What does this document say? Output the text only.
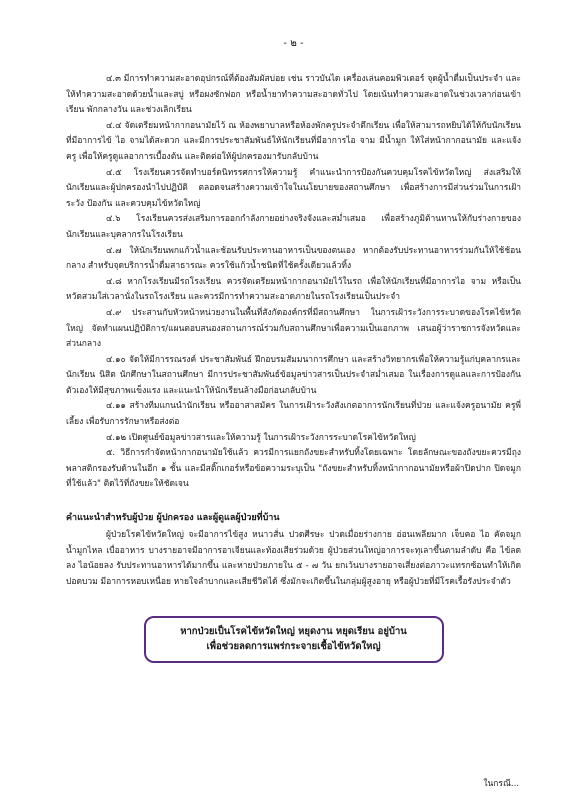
- ๒ -

๔.๓ มีการทำความสะอาดอุปกรณ์ที่ต้องสัมผัสบ่อย เช่น ราวบันได เครื่องเล่นคอมพิวเตอร์ จุดผู้น้ำดื่มเป็นประจำ และให้ทำความสะอาดด้วยน้ำและสบู่ หรือผงซักฟอก หรือน้ำยาทำความสะอาดทั่วไป โดยเน้นทำความสะอาดในช่วงเวลาก่อนเข้าเรียน พักกลางวัน และช่วงเลิกเรียน

๔.๔ จัดเตรียมหน้ากากอนามัยไว้ ณ ห้องพยาบาลหรือห้องพักครูประจำตึกเรียน เพื่อให้สามารถหยิบได้ให้กับนักเรียนที่มีอาการไข้ ไอ จามได้สะดวก และมีการประชาสัมพันธ์ให้นักเรียนที่มีอาการไอ จาม มีน้ำมูก ให้ใส่หน้ากากอนามัย และแจ้งครู เพื่อให้ครูดูแลอาการเบื้องต้น และติดต่อให้ผู้ปกครองมารับกลับบ้าน

๔.๕ โรงเรียนควรจัดทำบอร์ดนิทรรศการให้ความรู้ คำแนะนำการป้องกันควบคุมโรคไข้หวัดใหญ่ ส่งเสริมให้นักเรียนและผู้ปกครองนำไปปฏิบัติ ตลอดจนสร้างความเข้าใจในนโยบายของสถานศึกษา เพื่อสร้างการมีส่วนร่วมในการเฝ้าระวัง ป้องกัน และควบคุมไข้หวัดใหญ่

๔.๖ โรงเรียนควรส่งเสริมการออกกำลังกายอย่างจริงจังและสม่ำเสมอ เพื่อสร้างภูมิต้านทานให้กับร่างกายของนักเรียนและบุคลากรในโรงเรียน

๔.๗ ให้นักเรียนพกแก้วน้ำและช้อนรับประทานอาหารเป็นของตนเอง หากต้องรับประทานอาหารร่วมกันให้ใช้ช้อนกลาง สำหรับจุดบริการน้ำดื่มสาธารณะ ควรใช้แก้วน้ำชนิดที่ใช้ครั้งเดียวแล้วทิ้ง

๔.๘ หากโรงเรียนมีรถโรงเรียน ควรจัดเตรียมหน้ากากอนามัยไว้ในรถ เพื่อให้นักเรียนที่มีอาการไอ จาม หรือเป็นหวัดสวมใส่เวลานั่งในรถโรงเรียน และควรมีการทำความสะอาดภายในรถโรงเรียนเป็นประจำ

๔.๙ ประสานกับหัวหน้าหน่วยงานในพื้นที่สังกัดองค์กรที่มีสถานศึกษา ในการเฝ้าระวังการระบาดของโรคไข้หวัดใหญ่ จัดทำแผนปฏิบัติการ/แผนตอบสนองสถานการณ์ร่วมกับสถานศึกษาเพื่อความเป็นเอกภาพ เสนอผู้ว่าราชการจังหวัดและส่วนกลาง

๔.๑๐ จัดให้มีการรณรงค์ ประชาสัมพันธ์ ฝึกอบรมสัมมนาการศึกษา และสร้างวิทยากรเพื่อให้ความรู้แก่บุคลากรและนักเรียน นิสิต นักศึกษาในสถานศึกษา มีการประชาสัมพันธ์ข้อมูลข่าวสารเป็นประจำสม่ำเสมอ ในเรื่องการดูแลและการป้องกันตัวเองให้มีสุขภาพแข็งแรง และแนะนำให้นักเรียนล้างมือก่อนกลับบ้าน

๔.๑๑ สร้างทีมแกนนำนักเรียน หรืออาสาสมัคร ในการเฝ้าระวังสังเกตอาการนักเรียนที่ป่วย และแจ้งครูอนามัย ครูพี่เลี้ยง เพื่อรับการรักษาหรือส่งต่อ

๔.๑๒ เปิดศูนย์ข้อมูลข่าวสารและให้ความรู้ ในการเฝ้าระวังการระบาดโรคไข้หวัดใหญ่

๕. วิธีการกำจัดหน้ากากอนามัยใช้แล้ว ควรมีการแยกถังขยะสำหรับทิ้งโดยเฉพาะ โดยลักษณะของถังขยะควรมีถุงพลาสติกรองรับด้านในอีก ๑ ชั้น และมีสติ๊กเกอร์หรือข้อความระบุเป็น "ถังขยะสำหรับทิ้งหน้ากากอนามัยหรือผ้าปิดปาก ปิดจมูก ที่ใช้แล้ว" ติดไว้ที่ถังขยะให้ชัดเจน

คำแนะนำสำหรับผู้ป่วย ผู้ปกครอง และผู้ดูแลผู้ป่วยที่บ้าน

ผู้ป่วยโรคไข้หวัดใหญ่ จะมีอาการไข้สูง หนาวสั่น ปวดศีรษะ ปวดเมื่อยร่างกาย อ่อนเพลียมาก เจ็บคอ ไอ คัดจมูก น้ำมูกไหล เบื่ออาหาร บางรายอาจมีอาการอาเจียนและท้องเสียร่วมด้วย ผู้ป่วยส่วนใหญ่อาการจะทุเลาขึ้นตามลำดับ คือ ไข้ลดลง ไอน้อยลง รับประทานอาหารได้มากขึ้น และหายป่วยภายใน ๕ - ๗ วัน ยกเว้นบางรายอาจเสี่ยงต่อภาวะแทรกซ้อนทำให้เกิดปอดบวม มีอาการหอบเหนื่อย หายใจลำบากและเสียชีวิตได้ ซึ่งมักจะเกิดขึ้นในกลุ่มผู้สูงอายุ หรือผู้ป่วยที่มีโรคเรื้อรังประจำตัว

หากป่วยเป็นโรคไข้หวัดใหญ่ หยุดงาน หยุดเรียน อยู่บ้าน
เพื่อช่วยลดการแพร่กระจายเชื้อไข้หวัดใหญ่
ในกรณี...
